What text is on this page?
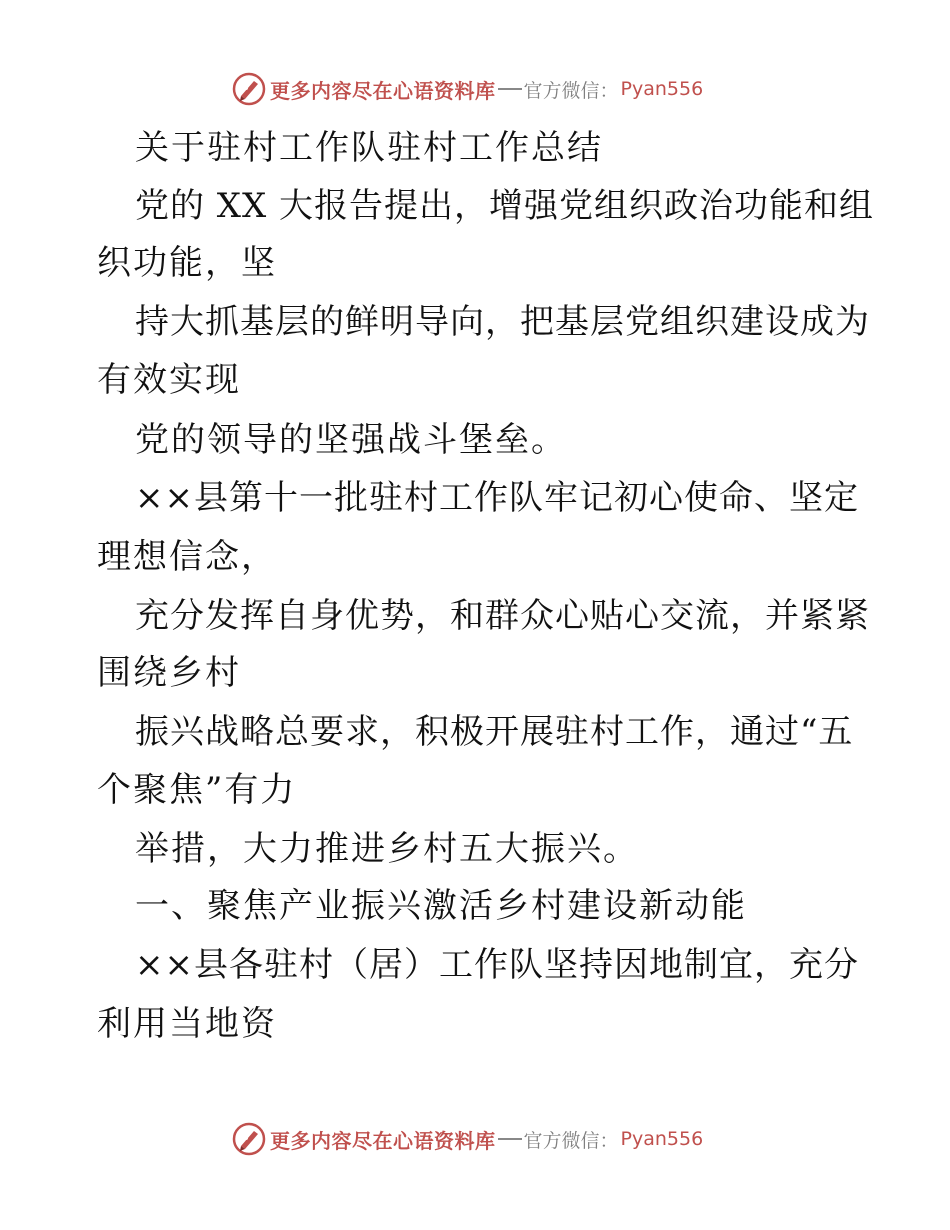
更多内容尽在心语资料库 官方微信： Pyan556
关于驻村工作队驻村工作总结
党的 XX 大报告提出，增强党组织政治功能和组
织功能，坚
持大抓基层的鲜明导向，把基层党组织建设成为
有效实现
党的领导的坚强战斗堡垒。
××县第十一批驻村工作队牢记初心使命、坚定
理想信念，
充分发挥自身优势，和群众心贴心交流，并紧紧
围绕乡村
振兴战略总要求，积极开展驻村工作，通过“五
个聚焦”有力
举措，大力推进乡村五大振兴。
一、聚焦产业振兴激活乡村建设新动能
××县各驻村（居）工作队坚持因地制宜，充分
利用当地资
更多内容尽在心语资料库 官方微信： Pyan556
